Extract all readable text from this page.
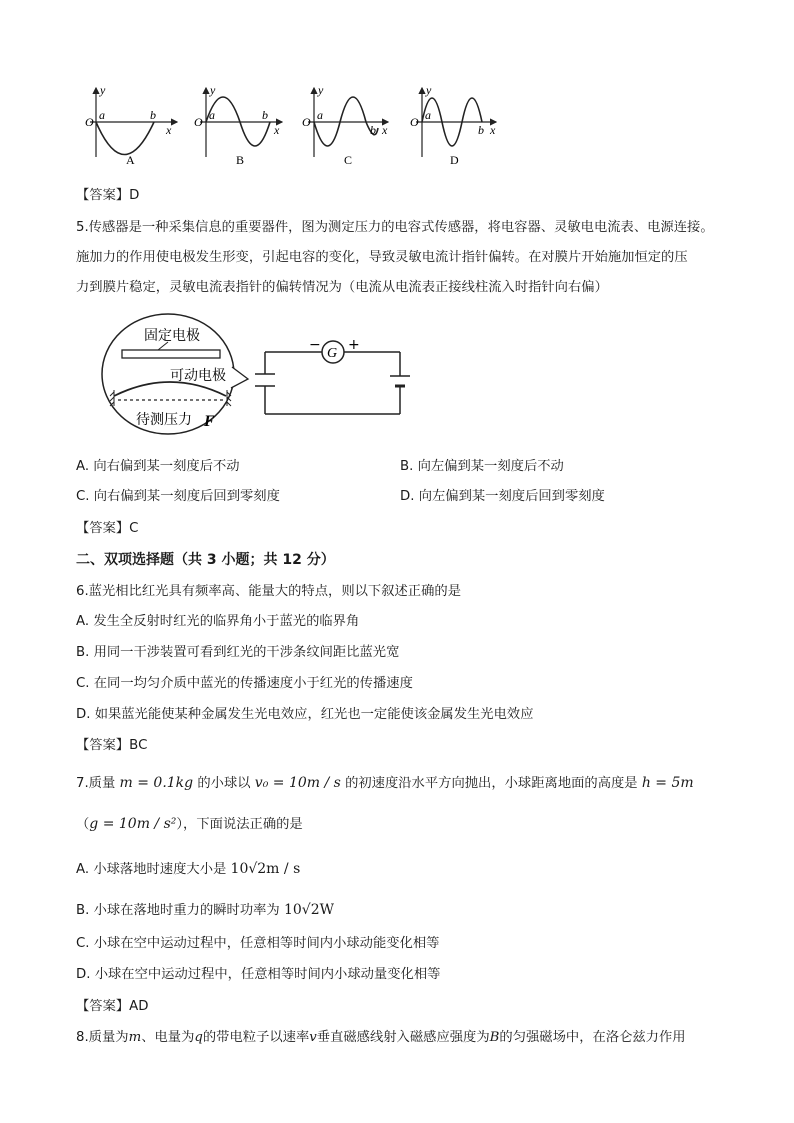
y
O a	b
x
A
y
O a	b
x
B
y
O a
b x
C
y
O a
b x
D
【答案】D
5.传感器是一种采集信息的重要器件，图为测定压力的电容式传感器，将电容器、灵敏电电流表、电源连接。
施加力的作用使电极发生形变，引起电容的变化，导致灵敏电流计指针偏转。在对膜片开始施加恒定的压
力到膜片稳定，灵敏电流表指针的偏转情况为（电流从电流表正接线柱流入时指针向右偏）
固定电极
可动电极
待测压力 F
G
− +
A. 向右偏到某一刻度后不动	B. 向左偏到某一刻度后不动
C. 向右偏到某一刻度后回到零刻度	D. 向左偏到某一刻度后回到零刻度
【答案】C
二、双项选择题（共 3 小题；共 12 分）
6.蓝光相比红光具有频率高、能量大的特点，则以下叙述正确的是
A. 发生全反射时红光的临界角小于蓝光的临界角
B. 用同一干涉装置可看到红光的干涉条纹间距比蓝光宽
C. 在同一均匀介质中蓝光的传播速度小于红光的传播速度
D. 如果蓝光能使某种金属发生光电效应，红光也一定能使该金属发生光电效应
【答案】BC
7.质量 m = 0.1kg 的小球以 v₀ = 10m / s 的初速度沿水平方向抛出，小球距离地面的高度是 h = 5m
（g = 10m / s²），下面说法正确的是
A. 小球落地时速度大小是 10√2m / s
B. 小球在落地时重力的瞬时功率为 10√2W
C. 小球在空中运动过程中，任意相等时间内小球动能变化相等
D. 小球在空中运动过程中，任意相等时间内小球动量变化相等
【答案】AD
8.质量为m、电量为q的带电粒子以速率v垂直磁感线射入磁感应强度为B的匀强磁场中，在洛仑兹力作用
